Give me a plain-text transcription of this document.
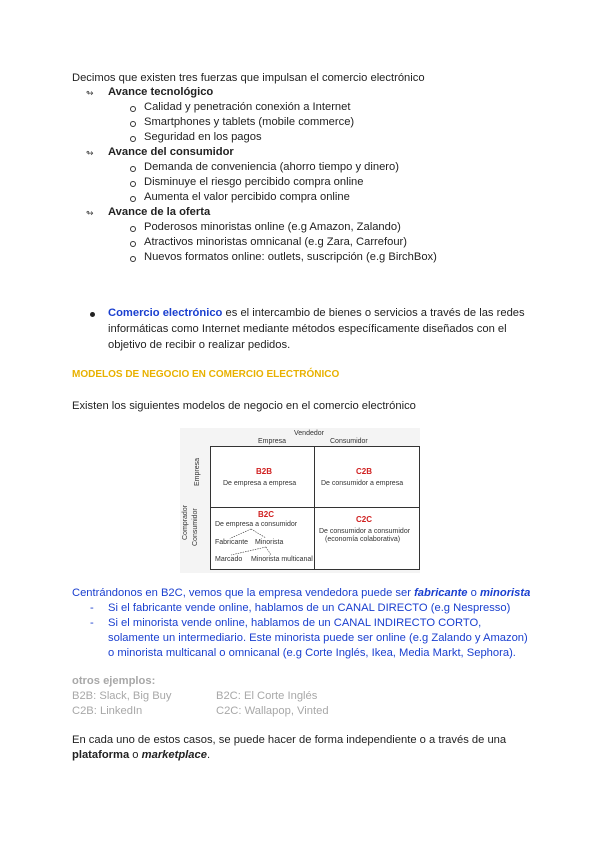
Decimos que existen tres fuerzas que impulsan el comercio electrónico
↬ Avance tecnológico
Calidad y penetración conexión a Internet
Smartphones y tablets (mobile commerce)
Seguridad en los pagos
↬ Avance del consumidor
Demanda de conveniencia (ahorro tiempo y dinero)
Disminuye el riesgo percibido compra online
Aumenta el valor percibido compra online
↬ Avance de la oferta
Poderosos minoristas online (e.g Amazon, Zalando)
Atractivos minoristas omnicanal (e.g Zara, Carrefour)
Nuevos formatos online: outlets, suscripción (e.g BirchBox)
Comercio electrónico es el intercambio de bienes o servicios a través de las redes
informáticas como Internet mediante métodos específicamente diseñados con el
objetivo de recibir o realizar pedidos.
MODELOS DE NEGOCIO EN COMERCIO ELECTRÓNICO
Existen los siguientes modelos de negocio en el comercio electrónico
Vendedor
Empresa	Consumidor
Comprador Consumidor
Empresa	B2B
De empresa a empresa
C2B
De consumidor a empresa
B2C
De empresa a consumidor
Fabricante Minorista
Marcado Minorista multicanal
C2C
De consumidor a consumidor
(economía colaborativa)
Centrándonos en B2C, vemos que la empresa vendedora puede ser fabricante o minorista
- Si el fabricante vende online, hablamos de un CANAL DIRECTO (e.g Nespresso)
- Si el minorista vende online, hablamos de un CANAL INDIRECTO CORTO,
solamente un intermediario. Este minorista puede ser online (e.g Zalando y Amazon)
o minorista multicanal o omnicanal (e.g Corte Inglés, Ikea, Media Markt, Sephora).
otros ejemplos:
B2B: Slack, Big Buy	B2C: El Corte Inglés
C2B: LinkedIn	C2C: Wallapop, Vinted
En cada uno de estos casos, se puede hacer de forma independiente o a través de una
plataforma o marketplace.
